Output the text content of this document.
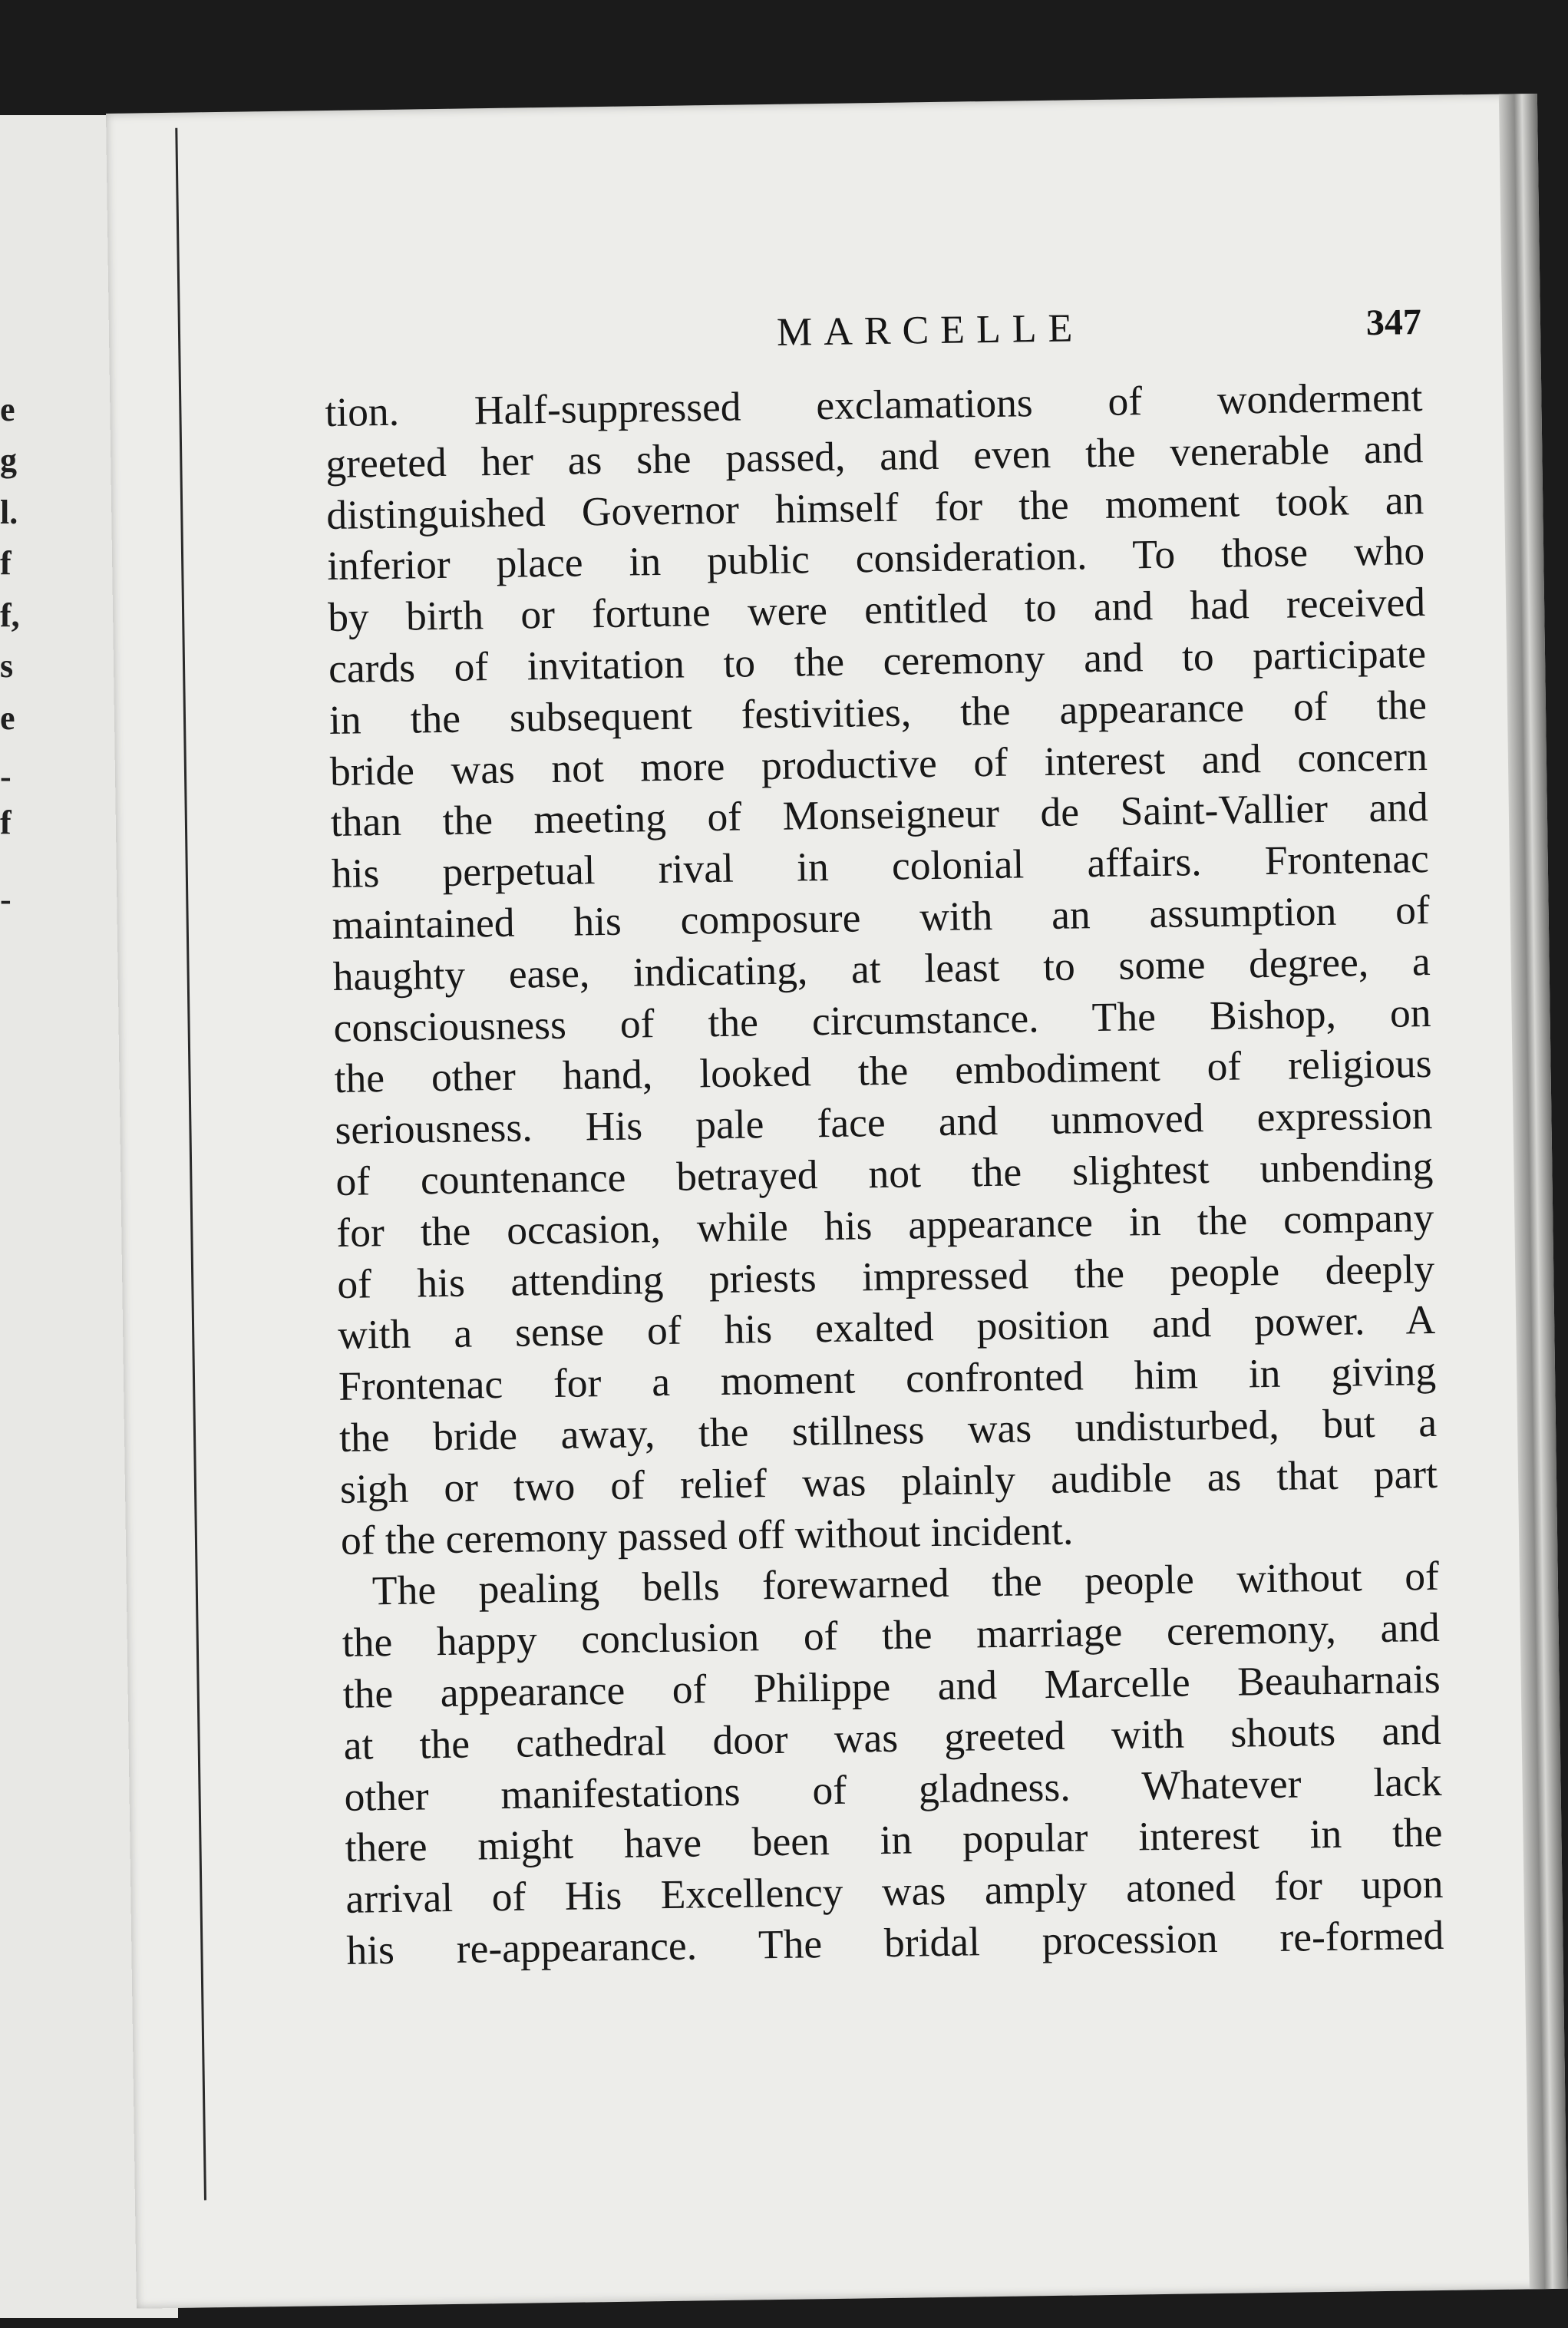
e
g
l.
f
f,
s
e
-
f
-
MARCELLE	347
tion. Half-suppressed exclamations of wonderment
greeted her as she passed, and even the venerable and
distinguished Governor himself for the moment took an
inferior place in public consideration. To those who
by birth or fortune were entitled to and had received
cards of invitation to the ceremony and to participate
in the subsequent festivities, the appearance of the
bride was not more productive of interest and concern
than the meeting of Monseigneur de Saint-Vallier and
his perpetual rival in colonial affairs. Frontenac
maintained his composure with an assumption of
haughty ease, indicating, at least to some degree, a
consciousness of the circumstance. The Bishop, on
the other hand, looked the embodiment of religious
seriousness. His pale face and unmoved expression
of countenance betrayed not the slightest unbending
for the occasion, while his appearance in the company
of his attending priests impressed the people deeply
with a sense of his exalted position and power. A
Frontenac for a moment confronted him in giving
the bride away, the stillness was undisturbed, but a
sigh or two of relief was plainly audible as that part
of the ceremony passed off without incident.
The pealing bells forewarned the people without of
the happy conclusion of the marriage ceremony, and
the appearance of Philippe and Marcelle Beauharnais
at the cathedral door was greeted with shouts and
other manifestations of gladness. Whatever lack
there might have been in popular interest in the
arrival of His Excellency was amply atoned for upon
his re-appearance. The bridal procession re-formed
